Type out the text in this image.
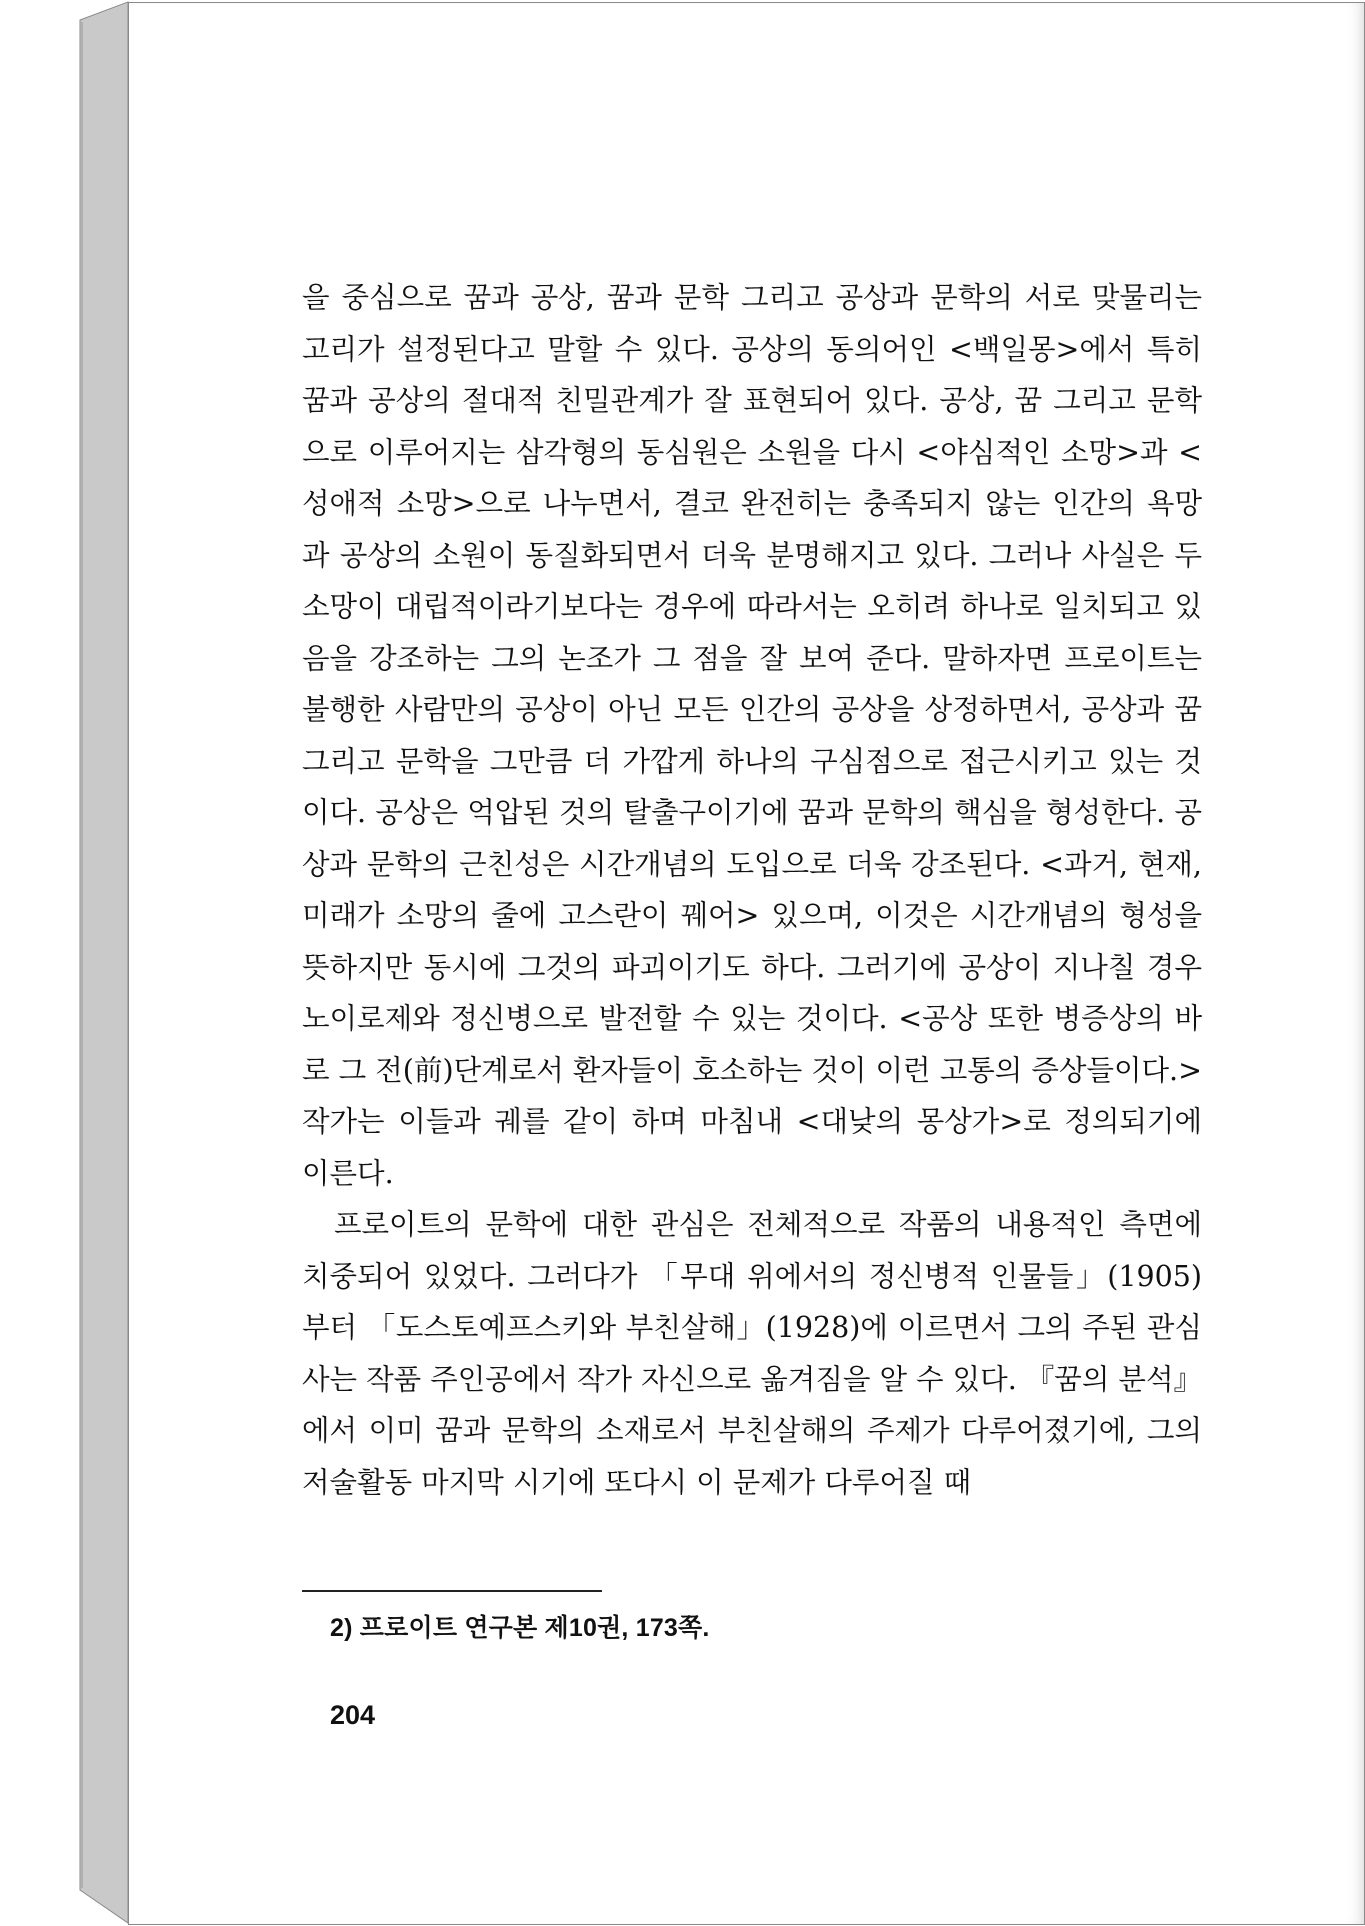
을 중심으로 꿈과 공상, 꿈과 문학 그리고 공상과 문학의 서로 맞물리는 고리가 설정된다고 말할 수 있다. 공상의 동의어인 <백일몽>에서 특히 꿈과 공상의 절대적 친밀관계가 잘 표현되어 있다. 공상, 꿈 그리고 문학으로 이루어지는 삼각형의 동심원은 소원을 다시 <야심적인 소망>과 <성애적 소망>으로 나누면서, 결코 완전히는 충족되지 않는 인간의 욕망과 공상의 소원이 동질화되면서 더욱 분명해지고 있다. 그러나 사실은 두 소망이 대립적이라기보다는 경우에 따라서는 오히려 하나로 일치되고 있음을 강조하는 그의 논조가 그 점을 잘 보여 준다. 말하자면 프로이트는 불행한 사람만의 공상이 아닌 모든 인간의 공상을 상정하면서, 공상과 꿈 그리고 문학을 그만큼 더 가깝게 하나의 구심점으로 접근시키고 있는 것이다. 공상은 억압된 것의 탈출구이기에 꿈과 문학의 핵심을 형성한다. 공상과 문학의 근친성은 시간개념의 도입으로 더욱 강조된다. <과거, 현재, 미래가 소망의 줄에 고스란이 꿰어> 있으며, 이것은 시간개념의 형성을 뜻하지만 동시에 그것의 파괴이기도 하다. 그러기에 공상이 지나칠 경우 노이로제와 정신병으로 발전할 수 있는 것이다. <공상 또한 병증상의 바로 그 전(前)단계로서 환자들이 호소하는 것이 이런 고통의 증상들이다.> 작가는 이들과 궤를 같이 하며 마침내 <대낮의 몽상가>로 정의되기에 이른다.

프로이트의 문학에 대한 관심은 전체적으로 작품의 내용적인 측면에 치중되어 있었다. 그러다가 「무대 위에서의 정신병적 인물들」(1905)부터 「도스토예프스키와 부친살해」(1928)에 이르면서 그의 주된 관심사는 작품 주인공에서 작가 자신으로 옮겨짐을 알 수 있다. 『꿈의 분석』에서 이미 꿈과 문학의 소재로서 부친살해의 주제가 다루어졌기에, 그의 저술활동 마지막 시기에 또다시 이 문제가 다루어질 때

2) 프로이트 연구본 제10권, 173쪽.
204
